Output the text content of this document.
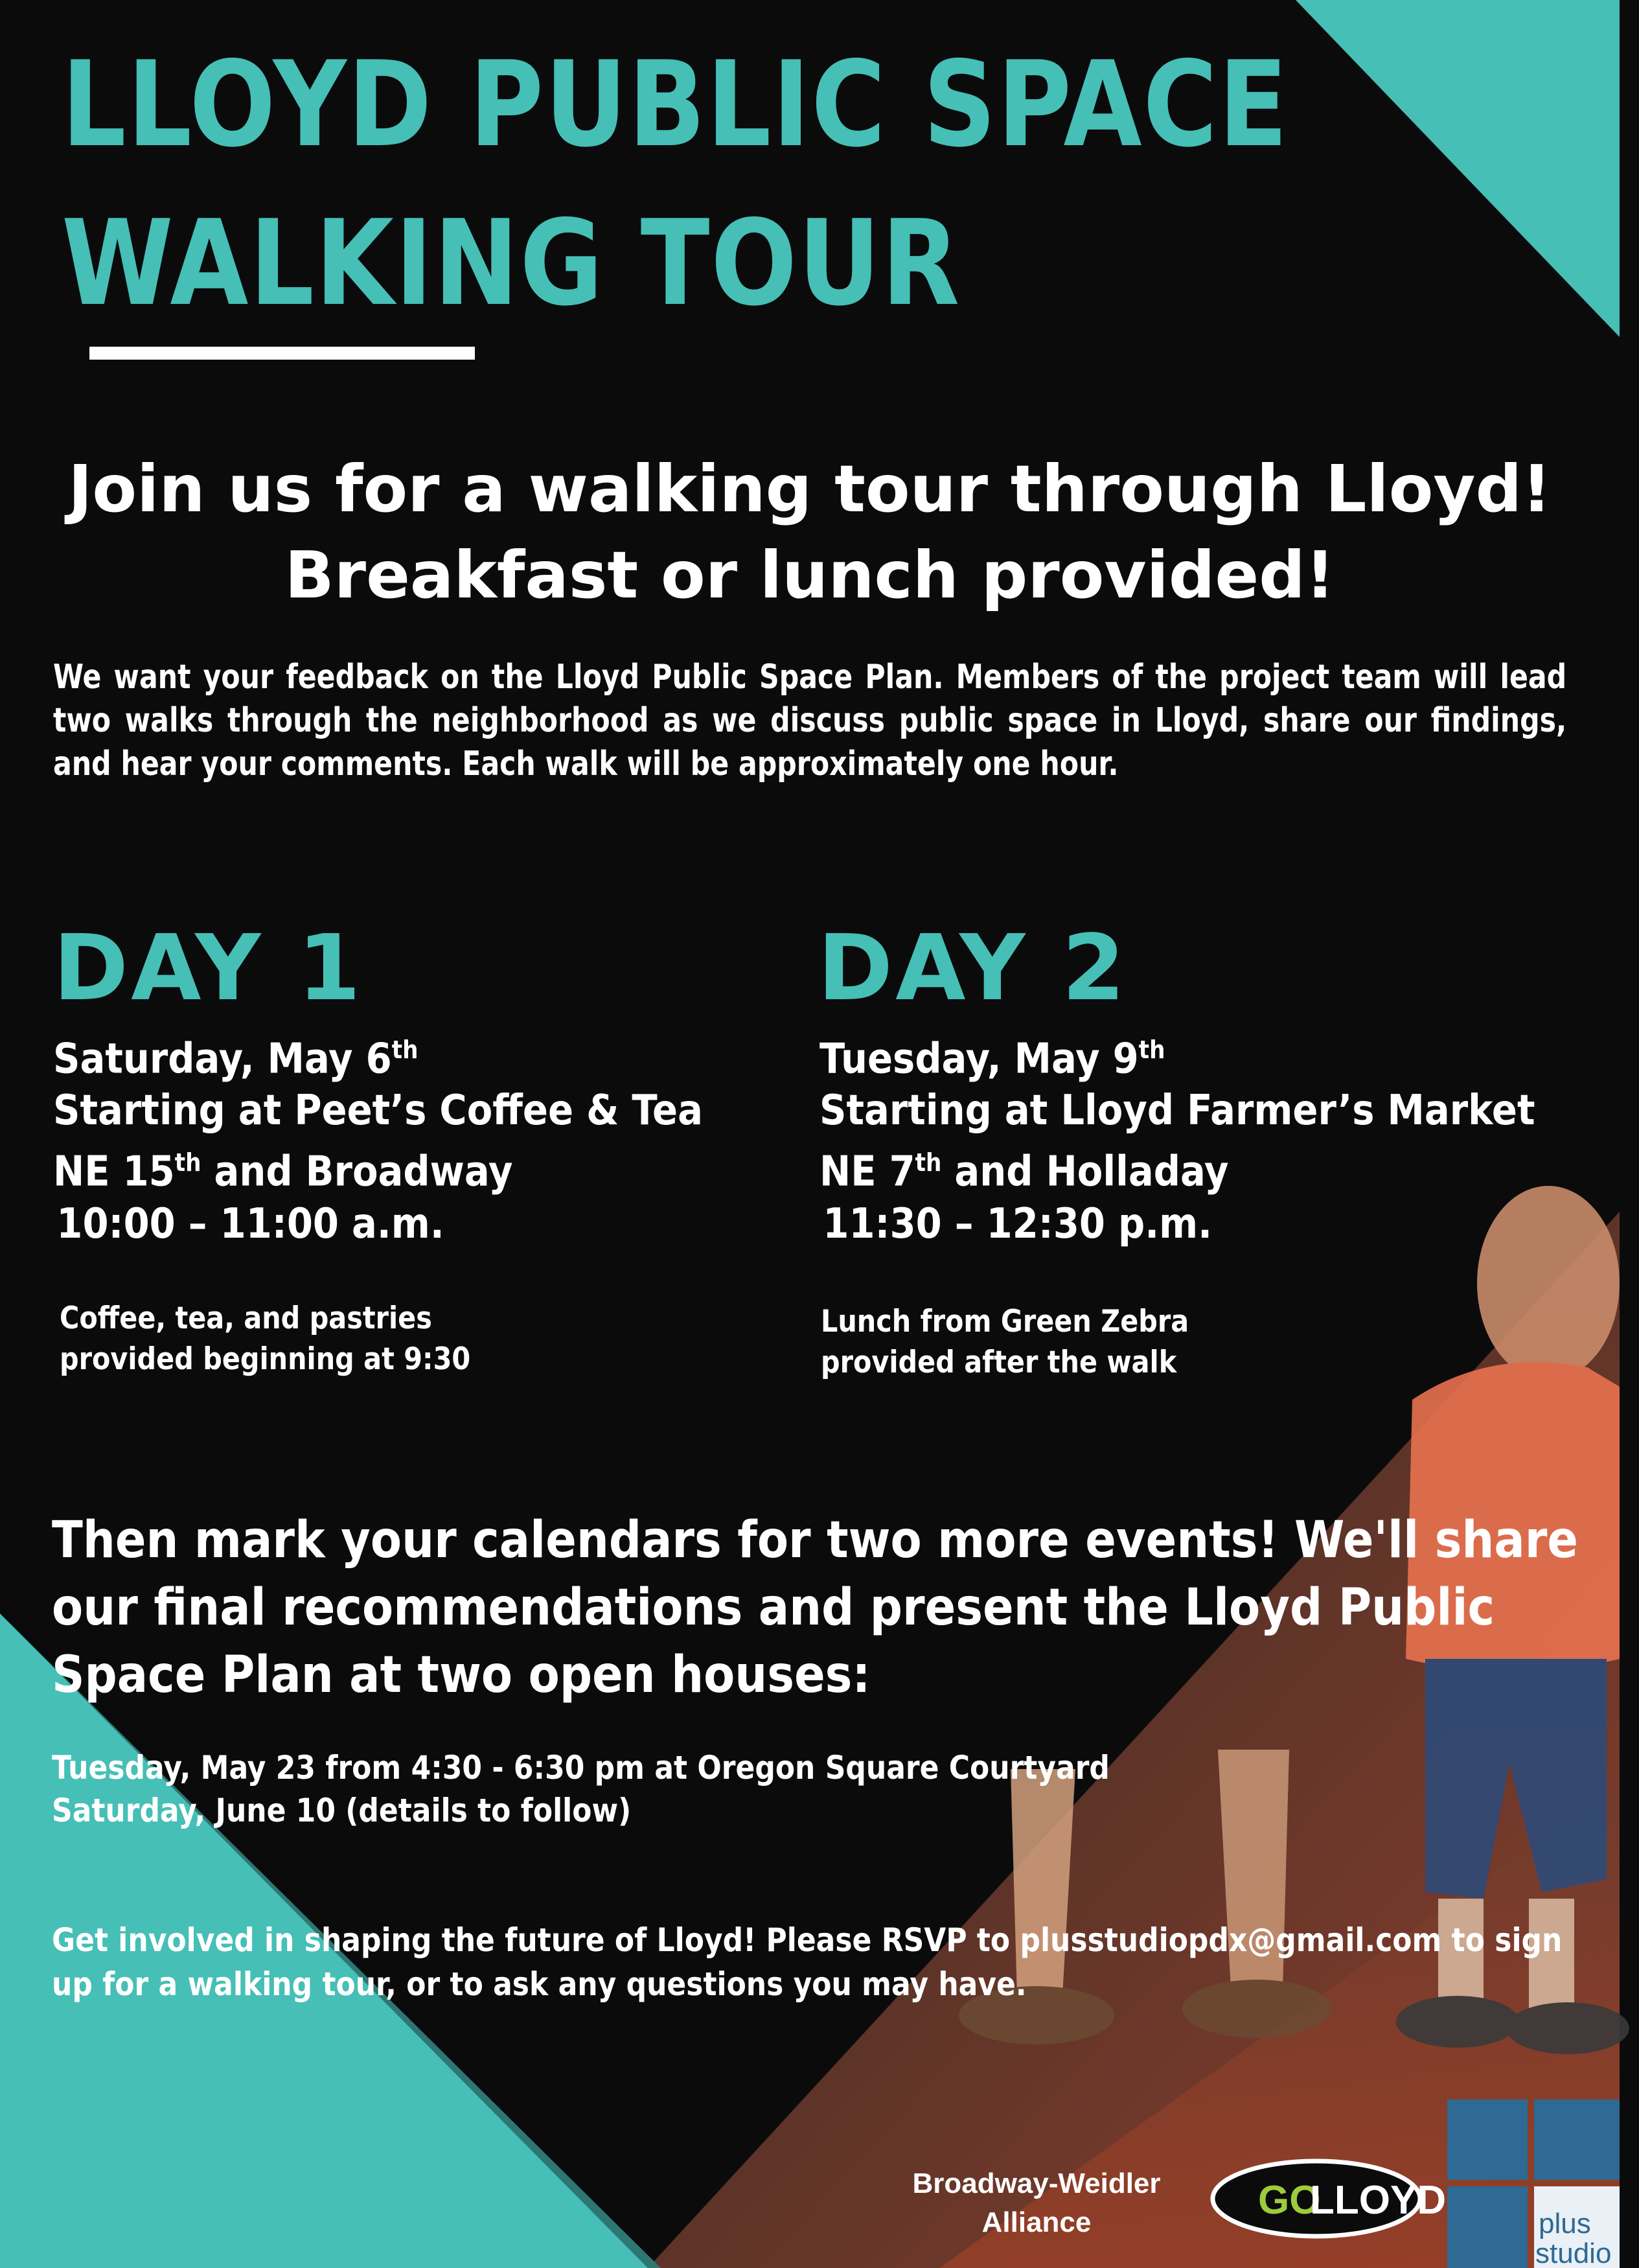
LLOYD PUBLIC SPACE
WALKING TOUR
Join us for a walking tour through Lloyd!
Breakfast or lunch provided!
We want your feedback on the Lloyd Public Space Plan. Members of the project team will lead two walks through the neighborhood as we discuss public space in Lloyd, share our findings, and hear your comments. Each walk will be approximately one hour.
DAY 1
Saturday, May 6th
Starting at Peet’s Coffee & Tea
NE 15th and Broadway
10:00 – 11:00 a.m.
Coffee, tea, and pastries
provided beginning at 9:30
DAY 2
Tuesday, May 9th
Starting at Lloyd Farmer’s Market
NE 7th and Holladay
11:30 – 12:30 p.m.
Lunch from Green Zebra
provided after the walk
Then mark your calendars for two more events! We'll share our final recommendations and present the Lloyd Public Space Plan at two open houses:
Tuesday, May 23 from 4:30 - 6:30 pm at Oregon Square Courtyard
Saturday, June 10 (details to follow)
Get involved in shaping the future of Lloyd! Please RSVP to plusstudiopdx@gmail.com to sign
up for a walking tour, or to ask any questions you may have.
Broadway-Weidler
Alliance	GO
LLOYD
plus
studio
